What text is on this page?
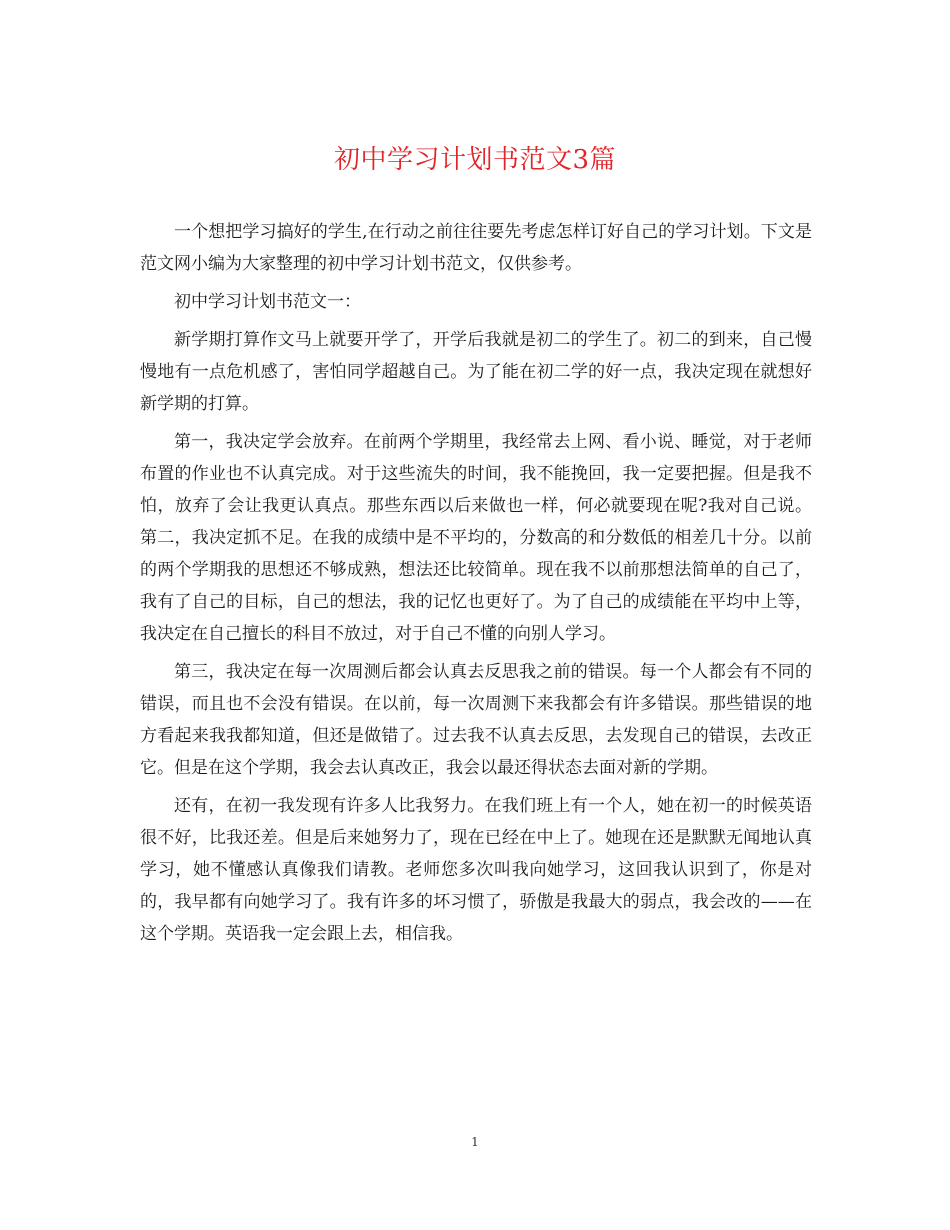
初中学习计划书范文3篇

一个想把学习搞好的学生,在行动之前往往要先考虑怎样订好自己的学习计划。下文是范文网小编为大家整理的初中学习计划书范文，仅供参考。

初中学习计划书范文一：

新学期打算作文马上就要开学了，开学后我就是初二的学生了。初二的到来，自己慢慢地有一点危机感了，害怕同学超越自己。为了能在初二学的好一点，我决定现在就想好新学期的打算。

第一，我决定学会放弃。在前两个学期里，我经常去上网、看小说、睡觉，对于老师布置的作业也不认真完成。对于这些流失的时间，我不能挽回，我一定要把握。但是我不怕，放弃了会让我更认真点。那些东西以后来做也一样，何必就要现在呢?我对自己说。 第二，我决定抓不足。在我的成绩中是不平均的，分数高的和分数低的相差几十分。以前的两个学期我的思想还不够成熟，想法还比较简单。现在我不以前那想法简单的自己了，我有了自己的目标，自己的想法，我的记忆也更好了。为了自己的成绩能在平均中上等，我决定在自己擅长的科目不放过，对于自己不懂的向别人学习。

第三，我决定在每一次周测后都会认真去反思我之前的错误。每一个人都会有不同的错误，而且也不会没有错误。在以前，每一次周测下来我都会有许多错误。那些错误的地方看起来我我都知道，但还是做错了。过去我不认真去反思，去发现自己的错误，去改正它。但是在这个学期，我会去认真改正，我会以最还得状态去面对新的学期。

还有，在初一我发现有许多人比我努力。在我们班上有一个人，她在初一的时候英语很不好，比我还差。但是后来她努力了，现在已经在中上了。她现在还是默默无闻地认真学习，她不懂感认真像我们请教。老师您多次叫我向她学习，这回我认识到了，你是对的，我早都有向她学习了。我有许多的坏习惯了，骄傲是我最大的弱点，我会改的——在这个学期。英语我一定会跟上去，相信我。

1
